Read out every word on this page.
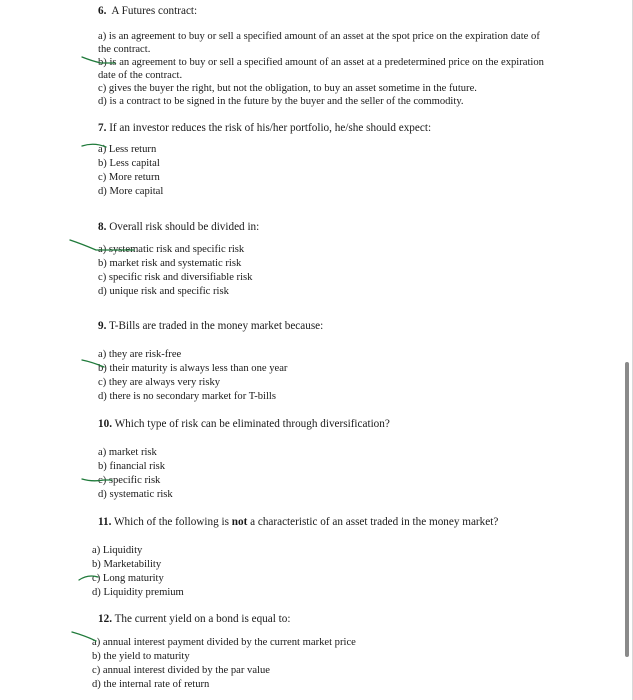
6. A Futures contract:
a) is an agreement to buy or sell a specified amount of an asset at the spot price on the expiration date of the contract.
b) is an agreement to buy or sell a specified amount of an asset at a predetermined price on the expiration date of the contract.
c) gives the buyer the right, but not the obligation, to buy an asset sometime in the future.
d) is a contract to be signed in the future by the buyer and the seller of the commodity.
7. If an investor reduces the risk of his/her portfolio, he/she should expect:
a) Less return
b) Less capital
c) More return
d) More capital
8. Overall risk should be divided in:
a) systematic risk and specific risk
b) market risk and systematic risk
c) specific risk and diversifiable risk
d) unique risk and specific risk
9. T-Bills are traded in the money market because:
a) they are risk-free
b) their maturity is always less than one year
c) they are always very risky
d) there is no secondary market for T-bills
10. Which type of risk can be eliminated through diversification?
a) market risk
b) financial risk
c) specific risk
d) systematic risk
11. Which of the following is not a characteristic of an asset traded in the money market?
a) Liquidity
b) Marketability
c) Long maturity
d) Liquidity premium
12. The current yield on a bond is equal to:
a) annual interest payment divided by the current market price
b) the yield to maturity
c) annual interest divided by the par value
d) the internal rate of return
